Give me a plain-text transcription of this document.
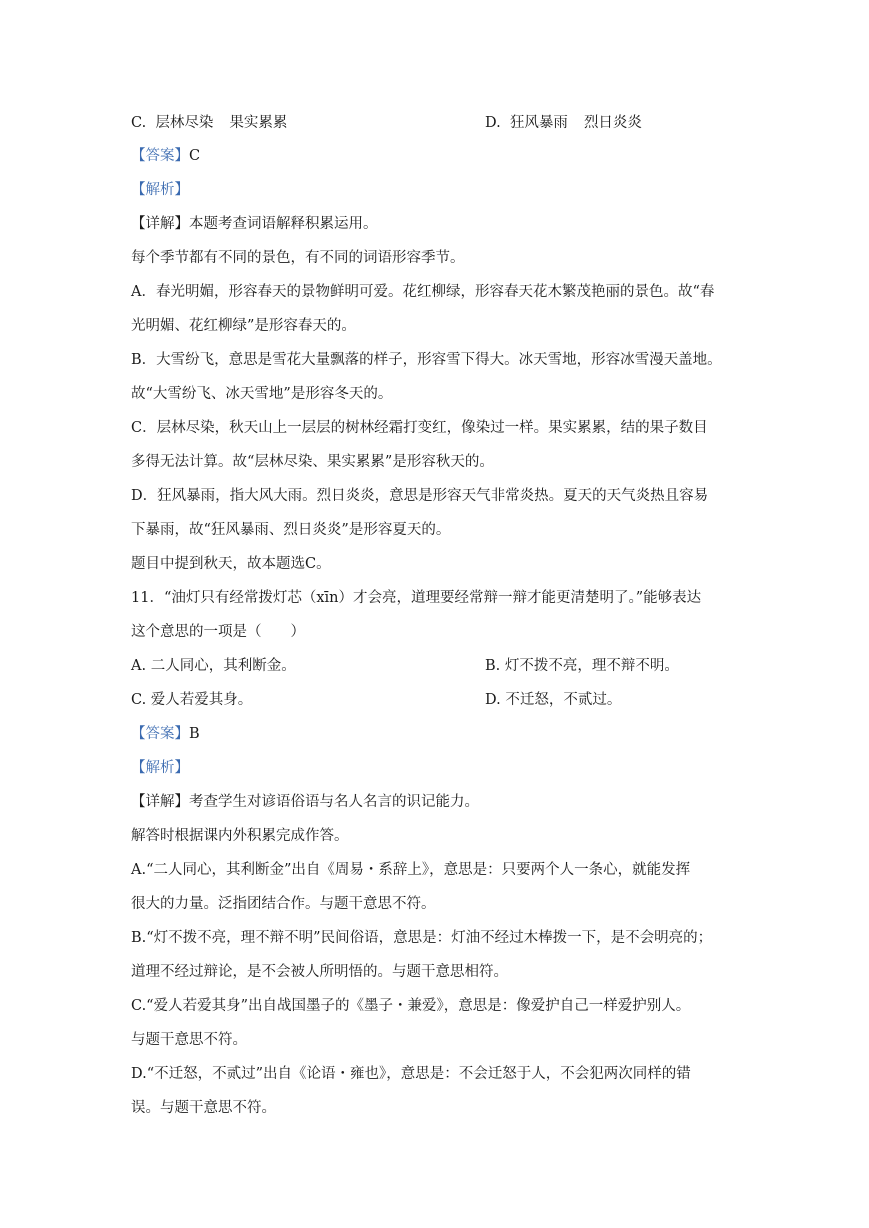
C. 层林尽染 果实累累	D. 狂风暴雨 烈日炎炎
【答案】C
【解析】
【详解】本题考查词语解释积累运用。
每个季节都有不同的景色，有不同的词语形容季节。
A．春光明媚，形容春天的景物鲜明可爱。花红柳绿，形容春天花木繁茂艳丽的景色。故“春
光明媚、花红柳绿”是形容春天的。
B．大雪纷飞，意思是雪花大量飘落的样子，形容雪下得大。冰天雪地，形容冰雪漫天盖地。
故“大雪纷飞、冰天雪地”是形容冬天的。
C．层林尽染，秋天山上一层层的树林经霜打变红，像染过一样。果实累累，结的果子数目
多得无法计算。故“层林尽染、果实累累”是形容秋天的。
D．狂风暴雨，指大风大雨。烈日炎炎，意思是形容天气非常炎热。夏天的天气炎热且容易
下暴雨，故“狂风暴雨、烈日炎炎”是形容夏天的。
题目中提到秋天，故本题选C。
11．“油灯只有经常拨灯芯（xīn）才会亮，道理要经常辩一辩才能更清楚明了。”能够表达
这个意思的一项是（　　）
A. 二人同心，其利断金。	B. 灯不拨不亮，理不辩不明。
C. 爱人若爱其身。	D. 不迁怒，不贰过。
【答案】B
【解析】
【详解】考查学生对谚语俗语与名人名言的识记能力。
解答时根据课内外积累完成作答。
A.“二人同心，其利断金”出自《周易・系辞上》，意思是：只要两个人一条心，就能发挥
很大的力量。泛指团结合作。与题干意思不符。
B.“灯不拨不亮，理不辩不明”民间俗语，意思是：灯油不经过木棒拨一下，是不会明亮的；
道理不经过辩论，是不会被人所明悟的。与题干意思相符。
C.“爱人若爱其身”出自战国墨子的《墨子・兼爱》，意思是：像爱护自己一样爱护别人。
与题干意思不符。
D.“不迁怒，不贰过”出自《论语・雍也》，意思是：不会迁怒于人，不会犯两次同样的错
误。与题干意思不符。
